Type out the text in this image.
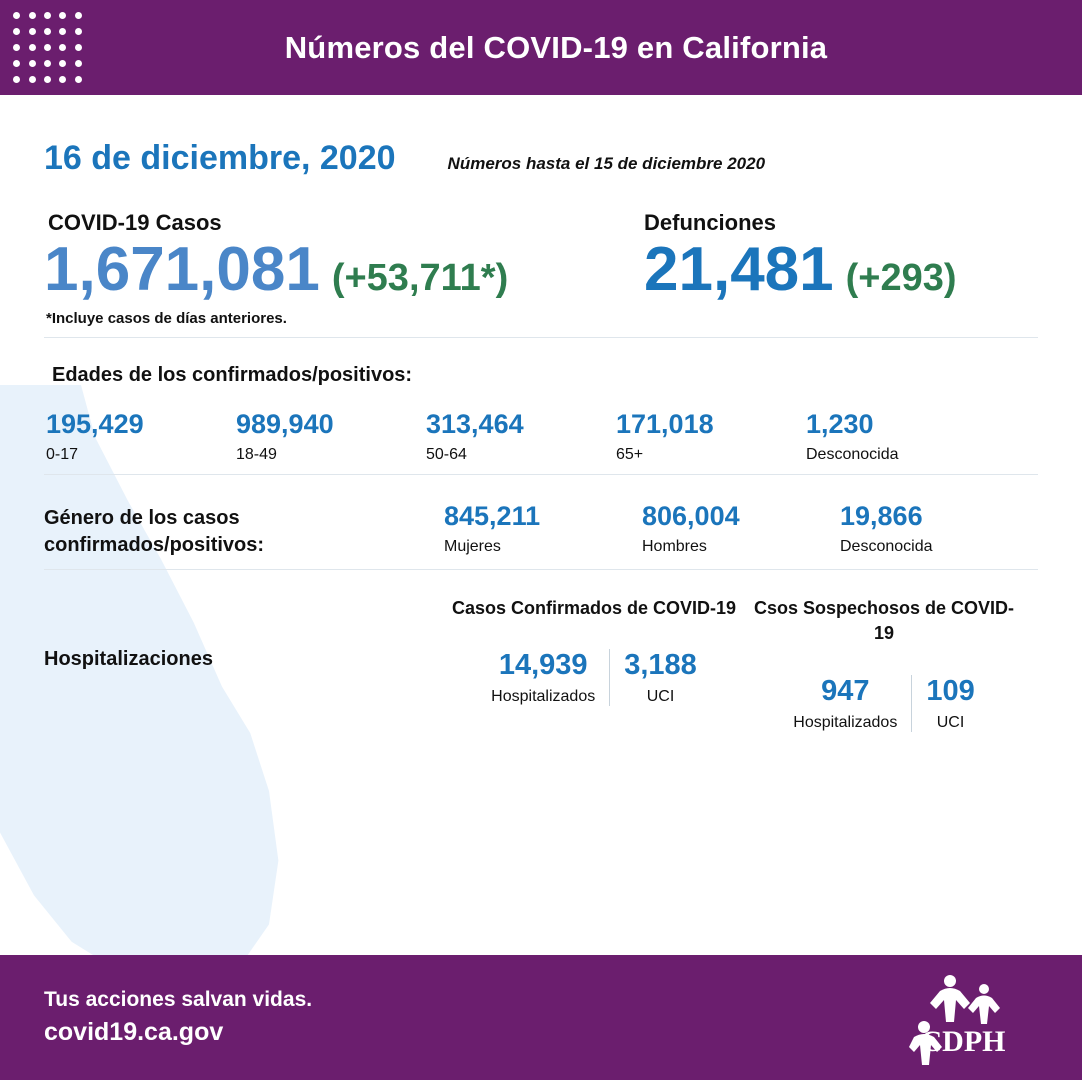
Números del COVID-19 en California
16 de diciembre, 2020	Números hasta el 15 de diciembre 2020
COVID-19 Casos
1,671,081 (+53,711*)
Defunciones
21,481 (+293)
*Incluye casos de días anteriores.
Edades de los confirmados/positivos:
195,429
0-17
989,940
18-49
313,464
50-64
171,018
65+
1,230
Desconocida
Género de los casos confirmados/positivos:
845,211
Mujeres
806,004
Hombres
19,866
Desconocida
Hospitalizaciones
Casos Confirmados de COVID-19
14,939
Hospitalizados
3,188
UCI
Csos Sospechosos de COVID-19
947
Hospitalizados
109
UCI
Tus acciones salvan vidas.
covid19.ca.gov	CDPH
